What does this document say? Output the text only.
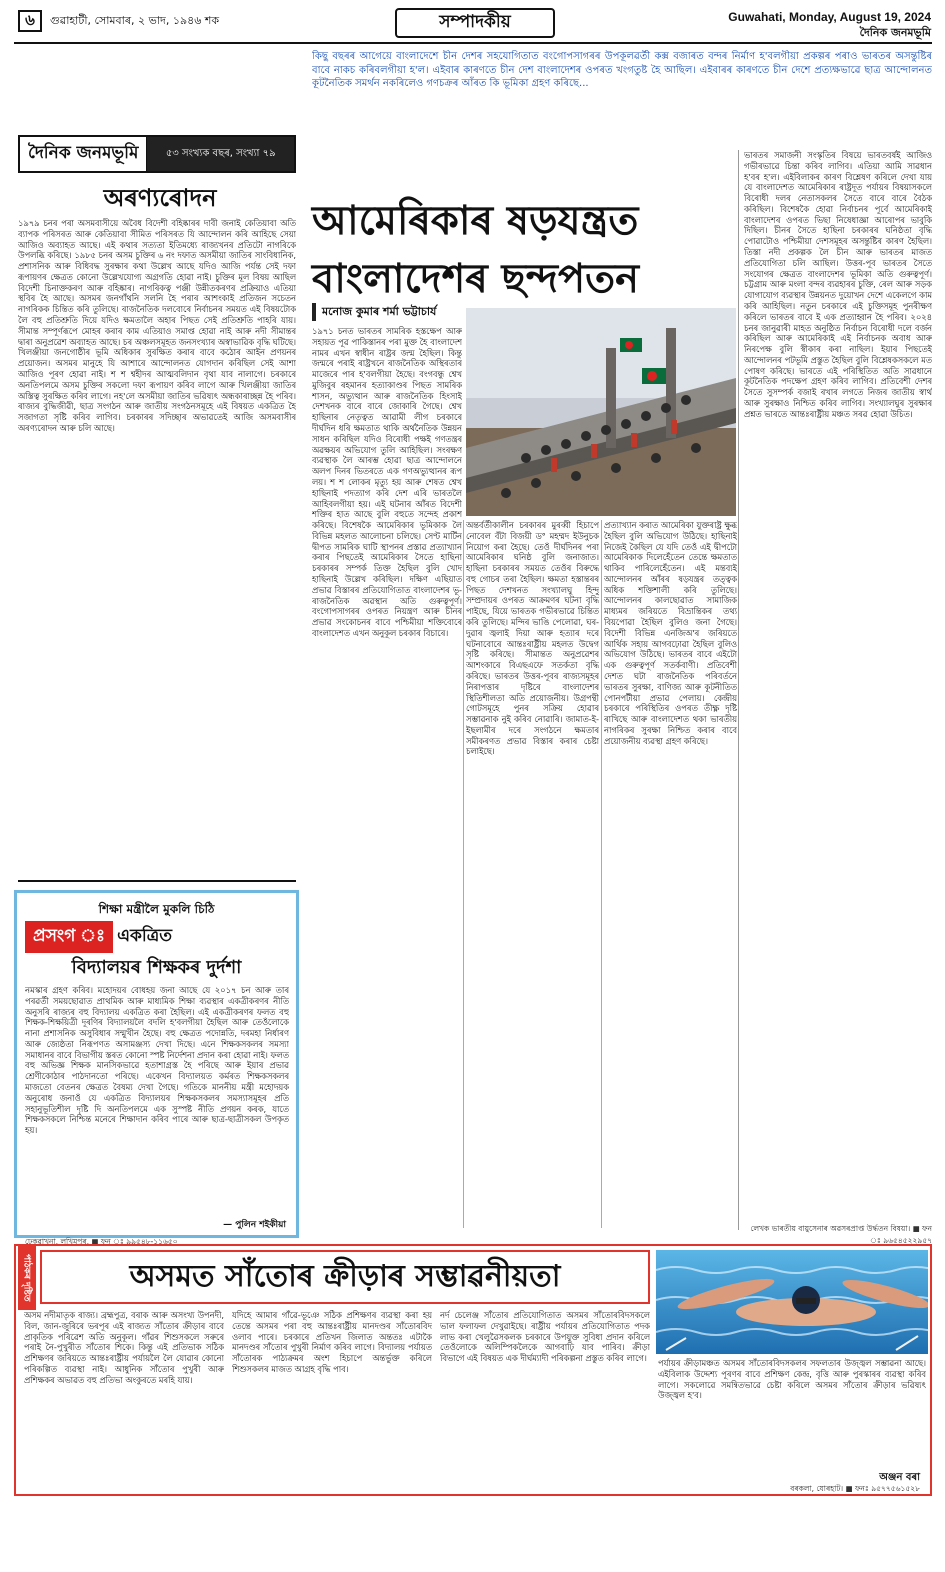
৬	গুৱাহাটী, সোমবাৰ, ২ ভাদ, ১৯৪৬ শক	সম্পাদকীয়	Guwahati, Monday, August 19, 2024
দৈনিক জনমভূমি
দৈনিক জনমভূমি	৫৩ সংখ্যক বছৰ, সংখ্যা ৭৯
অৰণ্যৰোদন
১৯৭৯ চনৰ পৰা অসমবাসীয়ে অবৈধ বিদেশী বহিষ্কাৰৰ দাবী জনাই কেতিয়াবা অতি ব্যাপক পৰিসৰত আৰু কেতিয়াবা সীমিত পৰিসৰত যি আন্দোলন কৰি আহিছে সেয়া আজিও অব্যাহত আছে। এই কথাৰ সত্যতা ইতিমধ্যে ৰাজ্যখনৰ প্ৰতিটো নাগৰিকে উপলব্ধি কৰিছে। ১৯৮৫ চনৰ অসম চুক্তিৰ ৬ নং দফাত অসমীয়া জাতিৰ সাংবিধানিক, প্ৰশাসনিক আৰু বিধিবদ্ধ সুৰক্ষাৰ কথা উল্লেখ আছে যদিও আজি পৰ্যন্ত সেই দফা ৰূপায়ণৰ ক্ষেত্ৰত কোনো উল্লেখযোগ্য অগ্ৰগতি হোৱা নাই। চুক্তিৰ মূল বিষয় আছিল বিদেশী চিনাক্তকৰণ আৰু বহিষ্কাৰ। নাগৰিকত্ব পঞ্জী উন্নীতকৰণৰ প্ৰক্ৰিয়াও এতিয়া স্থবিৰ হৈ আছে। অসমৰ জনগাঁথনি সলনি হৈ পৰাৰ আশংকাই প্ৰতিজন সচেতন নাগৰিকক চিন্তিত কৰি তুলিছে। ৰাজনৈতিক দলবোৰে নিৰ্বাচনৰ সময়ত এই বিষয়টোক লৈ বহু প্ৰতিশ্ৰুতি দিয়ে যদিও ক্ষমতালৈ অহাৰ পিছত সেই প্ৰতিশ্ৰুতি পাহৰি যায়। সীমান্ত সম্পূৰ্ণৰূপে মোহৰ কৰাৰ কাম এতিয়াও সমাপ্ত হোৱা নাই আৰু নদী সীমান্তৰ দ্বাৰা অনুপ্ৰৱেশ অব্যাহত আছে। চৰ অঞ্চলসমূহত জনসংখ্যাৰ অস্বাভাৱিক বৃদ্ধি ঘটিছে। খিলঞ্জীয়া জনগোষ্ঠীৰ ভূমি অধিকাৰ সুৰক্ষিত কৰাৰ বাবে কঠোৰ আইন প্ৰণয়নৰ প্ৰয়োজন। অসমৰ মানুহে যি আশাৰে আন্দোলনত যোগদান কৰিছিল সেই আশা আজিও পূৰণ হোৱা নাই। শ শ শ্বহীদৰ আত্মবলিদান বৃথা যাব নালাগে। চৰকাৰে অনতিপলমে অসম চুক্তিৰ সকলো দফা ৰূপায়ণ কৰিব লাগে আৰু খিলঞ্জীয়া জাতিৰ অস্তিত্ব সুৰক্ষিত কৰিব লাগে। নহ'লে অসমীয়া জাতিৰ ভৱিষ্যৎ অন্ধকাৰাচ্ছন্ন হৈ পৰিব। ৰাজ্যৰ বুদ্ধিজীৱী, ছাত্ৰ সংগঠন আৰু জাতীয় সংগঠনসমূহে এই বিষয়ত একত্ৰিত হৈ সজাগতা সৃষ্টি কৰিব লাগিব। চৰকাৰৰ সদিচ্ছাৰ অভাৱতেই আজি অসমবাসীৰ অৰণ্যৰোদন আৰু চলি আছে।
শিক্ষা মন্ত্ৰীলৈ মুকলি চিঠি
প্ৰসংগ ঃ একত্ৰিত
বিদ্যালয়ৰ শিক্ষকৰ দুৰ্দশা
নমস্কাৰ গ্ৰহণ কৰিব। মহোদয়ৰ বোধহয় জনা আছে যে ২০১৭ চন আৰু তাৰ পৰৱৰ্তী সময়ছোৱাত প্ৰাথমিক আৰু মাধ্যমিক শিক্ষা ব্যৱস্থাৰ একত্ৰীকৰণৰ নীতি অনুসৰি ৰাজ্যৰ বহু বিদ্যালয় একত্ৰিত কৰা হৈছিল। এই একত্ৰীকৰণৰ ফলত বহু শিক্ষক-শিক্ষয়িত্ৰী দূৰণিৰ বিদ্যালয়লৈ বদলি হ'বলগীয়া হৈছিল আৰু তেওঁলোকে নানা প্ৰশাসনিক অসুবিধাৰ সন্মুখীন হৈছে। বহু ক্ষেত্ৰত পদোন্নতি, দৰমহা নিৰ্ধাৰণ আৰু জ্যেষ্ঠতা নিৰূপণত অসামঞ্জস্য দেখা দিছে। এনে শিক্ষকসকলৰ সমস্যা সমাধানৰ বাবে বিভাগীয় স্তৰত কোনো স্পষ্ট নিৰ্দেশনা প্ৰদান কৰা হোৱা নাই। ফলত বহু অভিজ্ঞ শিক্ষক মানসিকভাৱে হতাশাগ্ৰস্ত হৈ পৰিছে আৰু ইয়াৰ প্ৰভাৱ শ্ৰেণীকোঠাৰ পাঠদানতো পৰিছে। একেখন বিদ্যালয়ত কৰ্মৰত শিক্ষকসকলৰ মাজতো বেতনৰ ক্ষেত্ৰত বৈষম্য দেখা গৈছে। গতিকে মাননীয় মন্ত্ৰী মহোদয়ক অনুৰোধ জনাওঁ যে একত্ৰিত বিদ্যালয়ৰ শিক্ষকসকলৰ সমস্যাসমূহৰ প্ৰতি সহানুভূতিশীল দৃষ্টি দি অনতিপলমে এক সুস্পষ্ট নীতি প্ৰণয়ন কৰক, যাতে শিক্ষকসকলে নিশ্চিন্ত মনেৰে শিক্ষাদান কৰিব পাৰে আৰু ছাত্ৰ-ছাত্ৰীসকল উপকৃত হয়।
— পুলিন শইকীয়া
ঢেকুৱাখনা, লখিমপুৰ, ■ ফন ঃ ৯৯৫৪৮-১১৬৫০
কিছু বছৰৰ আগেয়ে বাংলাদেশে চীন দেশৰ সহযোগিতাত বংগোপসাগৰৰ উপকূলৱৰ্তী কক্স বজাৰত বন্দৰ নিৰ্মাণ হ'বলগীয়া প্ৰকল্পৰ পৰাও ভাৰতৰ অসন্তুষ্টিৰ বাবে নাকচ কৰিবলগীয়া হ'ল। এইবাৰ কাৰণতে চীন দেশ বাংলাদেশৰ ওপৰত খংগতুষ্ট হৈ আছিল। এইবাৰৰ কাৰণতে চীন দেশে প্ৰত্যক্ষভাৱে ছাত্ৰ আন্দোলনত কূটনৈতিক সমৰ্থন নকৰিলেও গণচক্ৰৰ আঁৰত কি ভূমিকা গ্ৰহণ কৰিছে...
আমেৰিকাৰ ষড়যন্ত্ৰত
বাংলাদেশৰ ছন্দপতন
মনোজ কুমাৰ শৰ্মা ভট্টাচাৰ্য
১৯৭১ চনত ভাৰতৰ সামৰিক হস্তক্ষেপ আৰু সহায়ত পূৱ পাকিস্তানৰ পৰা মুক্ত হৈ বাংলাদেশ নামৰ এখন স্বাধীন ৰাষ্ট্ৰৰ জন্ম হৈছিল। কিন্তু জন্মৰে পৰাই ৰাষ্ট্ৰখনে ৰাজনৈতিক অস্থিৰতাৰ মাজেৰে পাৰ হ'বলগীয়া হৈছে। বংগবন্ধু শ্বেখ মুজিবুৰ ৰহমানৰ হত্যাকাণ্ডৰ পিছত সামৰিক শাসন, অভ্যুত্থান আৰু ৰাজনৈতিক হিংসাই দেশখনক বাৰে বাৰে জোকাৰি গৈছে। শ্বেখ হাছিনাৰ নেতৃত্বত আৱামী লীগ চৰকাৰে দীৰ্ঘদিন ধৰি ক্ষমতাত থাকি অৰ্থনৈতিক উন্নয়ন সাধন কৰিছিল যদিও বিৰোধী পক্ষই গণতন্ত্ৰৰ অৱক্ষয়ৰ অভিযোগ তুলি আহিছিল। সংৰক্ষণ ব্যৱস্থাক লৈ আৰম্ভ হোৱা ছাত্ৰ আন্দোলনে অলপ দিনৰ ভিতৰতে এক গণঅভ্যুত্থানৰ ৰূপ লয়। শ শ লোকৰ মৃত্যু হয় আৰু শেষত শ্বেখ হাছিনাই পদত্যাগ কৰি দেশ এৰি ভাৰতলৈ আহিবলগীয়া হয়। এই ঘটনাৰ আঁৰত বিদেশী শক্তিৰ হাত আছে বুলি বহুতে সন্দেহ প্ৰকাশ কৰিছে। বিশেষকৈ আমেৰিকাৰ ভূমিকাক লৈ বিভিন্ন মহলত আলোচনা চলিছে। সেণ্ট মাৰ্টিন দ্বীপত সামৰিক ঘাটি স্থাপনৰ প্ৰস্তাৱ প্ৰত্যাখ্যান কৰাৰ পিছতেই আমেৰিকাৰ সৈতে হাছিনা চৰকাৰৰ সম্পৰ্ক তিক্ত হৈছিল বুলি খোদ হাছিনাই উল্লেখ কৰিছিল। দক্ষিণ এছিয়াত প্ৰভাৱ বিস্তাৰৰ প্ৰতিযোগিতাত বাংলাদেশৰ ভূ-ৰাজনৈতিক অৱস্থান অতি গুৰুত্বপূৰ্ণ। বংগোপসাগৰৰ ওপৰত নিয়ন্ত্ৰণ আৰু চীনৰ প্ৰভাৱ সংকোচনৰ বাবে পশ্চিমীয়া শক্তিবোৰে বাংলাদেশত এখন অনুকূল চৰকাৰ বিচাৰে।
অন্তৰ্বৰ্তীকালীন চৰকাৰৰ মুৰব্বী হিচাপে নোবেল বঁটা বিজয়ী ড° মহম্মদ ইউনুচক নিয়োগ কৰা হৈছে। তেওঁ দীৰ্ঘদিনৰ পৰা আমেৰিকাৰ ঘনিষ্ঠ বুলি জনাজাত। হাছিনা চৰকাৰৰ সময়ত তেওঁৰ বিৰুদ্ধে বহু গোচৰ তৰা হৈছিল। ক্ষমতা হস্তান্তৰৰ পিছত দেশখনত সংখ্যালঘু হিন্দু সম্প্ৰদায়ৰ ওপৰত আক্ৰমণৰ ঘটনা বৃদ্ধি পাইছে, যিয়ে ভাৰতক গভীৰভাৱে চিন্তিত কৰি তুলিছে। মন্দিৰ ভাঙি পেলোৱা, ঘৰ-দুৱাৰ জ্বলাই দিয়া আৰু হত্যাৰ দৰে ঘটনাবোৰে আন্তঃৰাষ্ট্ৰীয় মহলত উদ্বেগ সৃষ্টি কৰিছে। সীমান্তত অনুপ্ৰৱেশৰ আশংকাৰে বিএছএফে সতৰ্কতা বৃদ্ধি কৰিছে। ভাৰতৰ উত্তৰ-পূবৰ ৰাজ্যসমূহৰ নিৰাপত্তাৰ দৃষ্টিৰে বাংলাদেশৰ স্থিতিশীলতা অতি প্ৰয়োজনীয়। উগ্ৰপন্থী গোটসমূহে পুনৰ সক্ৰিয় হোৱাৰ সম্ভাৱনাক নুই কৰিব নোৱাৰি। জামাত-ই-ইছলামীৰ দৰে সংগঠনে ক্ষমতাৰ সমীকৰণত প্ৰভাৱ বিস্তাৰ কৰাৰ চেষ্টা চলাইছে।
প্ৰত্যাখ্যান কৰাত আমেৰিকা যুক্তৰাষ্ট্ৰ ক্ষুব্ধ হৈছিল বুলি অভিযোগ উঠিছে। হাছিনাই নিজেই কৈছিল যে যদি তেওঁ এই দ্বীপটো আমেৰিকাক দিলেহেঁতেন তেন্তে ক্ষমতাত থাকিব পাৰিলেহেঁতেন। এই মন্তব্যই আন্দোলনৰ আঁৰৰ ষড়যন্ত্ৰৰ তত্ত্বক অধিক শক্তিশালী কৰি তুলিছে। আন্দোলনৰ কালছোৱাত সামাজিক মাধ্যমৰ জৰিয়তে বিভ্ৰান্তিকৰ তথ্য বিয়পোৱা হৈছিল বুলিও জনা গৈছে। বিদেশী বিভিন্ন এনজিঅ'ৰ জৰিয়তে আৰ্থিক সহায় আগবঢ়োৱা হৈছিল বুলিও অভিযোগ উঠিছে। ভাৰতৰ বাবে এইটো এক গুৰুত্বপূৰ্ণ সতৰ্কবাণী। প্ৰতিবেশী দেশত ঘটা ৰাজনৈতিক পৰিবৰ্তনে ভাৰতৰ সুৰক্ষা, বাণিজ্য আৰু কূটনীতিত পোনপটীয়া প্ৰভাৱ পেলায়। কেন্দ্ৰীয় চৰকাৰে পৰিস্থিতিৰ ওপৰত তীক্ষ্ণ দৃষ্টি ৰাখিছে আৰু বাংলাদেশত থকা ভাৰতীয় নাগৰিকৰ সুৰক্ষা নিশ্চিত কৰাৰ বাবে প্ৰয়োজনীয় ব্যৱস্থা গ্ৰহণ কৰিছে।
ভাৰতৰ সমাজনী সংস্কৃতিৰ বিষয়ে ভাৰতবৰ্ষই আজিও গভীৰভাৱে চিন্তা কৰিব লাগিব। এতিয়া আমি সাৱধান হ'বৰ হ'ল। এইবিলাকৰ কাৰণ বিশ্লেষণ কৰিলে দেখা যায় যে বাংলাদেশত আমেৰিকাৰ ৰাষ্ট্ৰদূত পৰ্যায়ৰ বিষয়াসকলে বিৰোধী দলৰ নেতাসকলৰ সৈতে বাৰে বাৰে বৈঠক কৰিছিল। বিশেষকৈ হোৱা নিৰ্বাচনৰ পূৰ্বে আমেৰিকাই বাংলাদেশৰ ওপৰত ভিছা নিষেধাজ্ঞা আৰোপৰ ভাবুকি দিছিল। চীনৰ সৈতে হাছিনা চৰকাৰৰ ঘনিষ্ঠতা বৃদ্ধি পোৱাটোও পশ্চিমীয়া দেশসমূহৰ অসন্তুষ্টিৰ কাৰণ হৈছিল। তিস্তা নদী প্ৰকল্পক লৈ চীন আৰু ভাৰতৰ মাজত প্ৰতিযোগিতা চলি আছিল। উত্তৰ-পূব ভাৰতৰ সৈতে সংযোগৰ ক্ষেত্ৰত বাংলাদেশৰ ভূমিকা অতি গুৰুত্বপূৰ্ণ। চট্টগ্ৰাম আৰু মংলা বন্দৰ ব্যৱহাৰৰ চুক্তি, ৰেল আৰু সড়ক যোগাযোগ ব্যৱস্থাৰ উন্নয়নত দুয়োখন দেশে একেলগে কাম কৰি আহিছিল। নতুন চৰকাৰে এই চুক্তিসমূহ পুনৰীক্ষণ কৰিলে ভাৰতৰ বাবে ই এক প্ৰত্যাহ্বান হৈ পৰিব। ২০২৪ চনৰ জানুৱাৰী মাহত অনুষ্ঠিত নিৰ্বাচন বিৰোধী দলে বৰ্জন কৰিছিল আৰু আমেৰিকাই এই নিৰ্বাচনক অবাধ আৰু নিৰপেক্ষ বুলি স্বীকাৰ কৰা নাছিল। ইয়াৰ পিছতেই আন্দোলনৰ পটভূমি প্ৰস্তুত হৈছিল বুলি বিশ্লেষকসকলে মত পোষণ কৰিছে। ভাৰতে এই পৰিস্থিতিত অতি সাৱধানে কূটনৈতিক পদক্ষেপ গ্ৰহণ কৰিব লাগিব। প্ৰতিবেশী দেশৰ সৈতে সুসম্পৰ্ক বজাই ৰখাৰ লগতে নিজৰ জাতীয় স্বাৰ্থ আৰু সুৰক্ষাও নিশ্চিত কৰিব লাগিব। সংখ্যালঘুৰ সুৰক্ষাৰ প্ৰশ্নত ভাৰতে আন্তঃৰাষ্ট্ৰীয় মঞ্চত সৰৱ হোৱা উচিত।
লেখক ভাৰতীয় বায়ুসেনাৰ অৱসৰপ্ৰাপ্ত উৰ্দ্ধতন বিষয়া। ■ ফন ঃ ৯৬৫৪৫২২৯৫৭
পাঠকৰ দৃষ্টিত	অসমত সাঁতোৰ ক্ৰীড়াৰ সম্ভাৱনীয়তা
অসম নদীমাতৃক ৰাজ্য। ব্ৰহ্মপুত্ৰ, বৰাক আৰু অসংখ্য উপনদী, বিল, জান-জুৰিৰে ভৰপূৰ এই ৰাজ্যত সাঁতোৰ ক্ৰীড়াৰ বাবে প্ৰাকৃতিক পৰিৱেশ অতি অনুকূল। গাঁৱৰ শিশুসকলে সৰুৰে পৰাই নৈ-পুখুৰীত সাঁতোৰ শিকে। কিন্তু এই প্ৰতিভাক সঠিক প্ৰশিক্ষণৰ জৰিয়তে আন্তঃৰাষ্ট্ৰীয় পৰ্যায়লৈ লৈ যোৱাৰ কোনো পৰিকল্পিত ব্যৱস্থা নাই। আধুনিক সাঁতোৰ পুখুৰী আৰু প্ৰশিক্ষকৰ অভাৱত বহু প্ৰতিভা অংকুৰতে মৰহি যায়।
যদিহে আমাৰ গাঁৱে-ভূঞে সঠিক প্ৰশিক্ষণৰ ব্যৱস্থা কৰা হয় তেন্তে অসমৰ পৰা বহু আন্তঃৰাষ্ট্ৰীয় মানদণ্ডৰ সাঁতোৰবিদ ওলাব পাৰে। চৰকাৰে প্ৰতিখন জিলাত অন্ততঃ এটাকৈ মানদণ্ডৰ সাঁতোৰ পুখুৰী নিৰ্মাণ কৰিব লাগে। বিদ্যালয় পৰ্যায়ত সাঁতোৰক পাঠ্যক্ৰমৰ অংশ হিচাপে অন্তৰ্ভুক্ত কৰিলে শিশুসকলৰ মাজত আগ্ৰহ বৃদ্ধি পাব।
নৰ্দ চেলেঞ্জ সাঁতোৰ প্ৰতিযোগিতাত অসমৰ সাঁতোৰবিদসকলে ভাল ফলাফল দেখুৱাইছে। ৰাষ্ট্ৰীয় পৰ্যায়ৰ প্ৰতিযোগিতাত পদক লাভ কৰা খেলুৱৈসকলক চৰকাৰে উপযুক্ত সুবিধা প্ৰদান কৰিলে তেওঁলোকে অলিম্পিকলৈকে আগবাঢ়ি যাব পাৰিব। ক্ৰীড়া বিভাগে এই বিষয়ত এক দীৰ্ঘম্যাদী পৰিকল্পনা প্ৰস্তুত কৰিব লাগে।	পৰ্যায়ৰ ক্ৰীড়ামঞ্চত অসমৰ সাঁতোৰবিদসকলৰ সফলতাৰ উজ্জ্বল সম্ভাৱনা আছে। এইবিলাক উদ্দেশ্য পূৰণৰ বাবে প্ৰশিক্ষণ কেন্দ্ৰ, বৃত্তি আৰু পুৰস্কাৰৰ ব্যৱস্থা কৰিব লাগে। সকলোৱে সমন্বিতভাৱে চেষ্টা কৰিলে অসমৰ সাঁতোৰ ক্ৰীড়াৰ ভৱিষ্যৎ উজ্জ্বল হ'ব।
অঞ্জন বৰা
বৰকলা, যোৰহাট। ■ ফনঃ ৯৫৭৭৫৬১৫২৮
